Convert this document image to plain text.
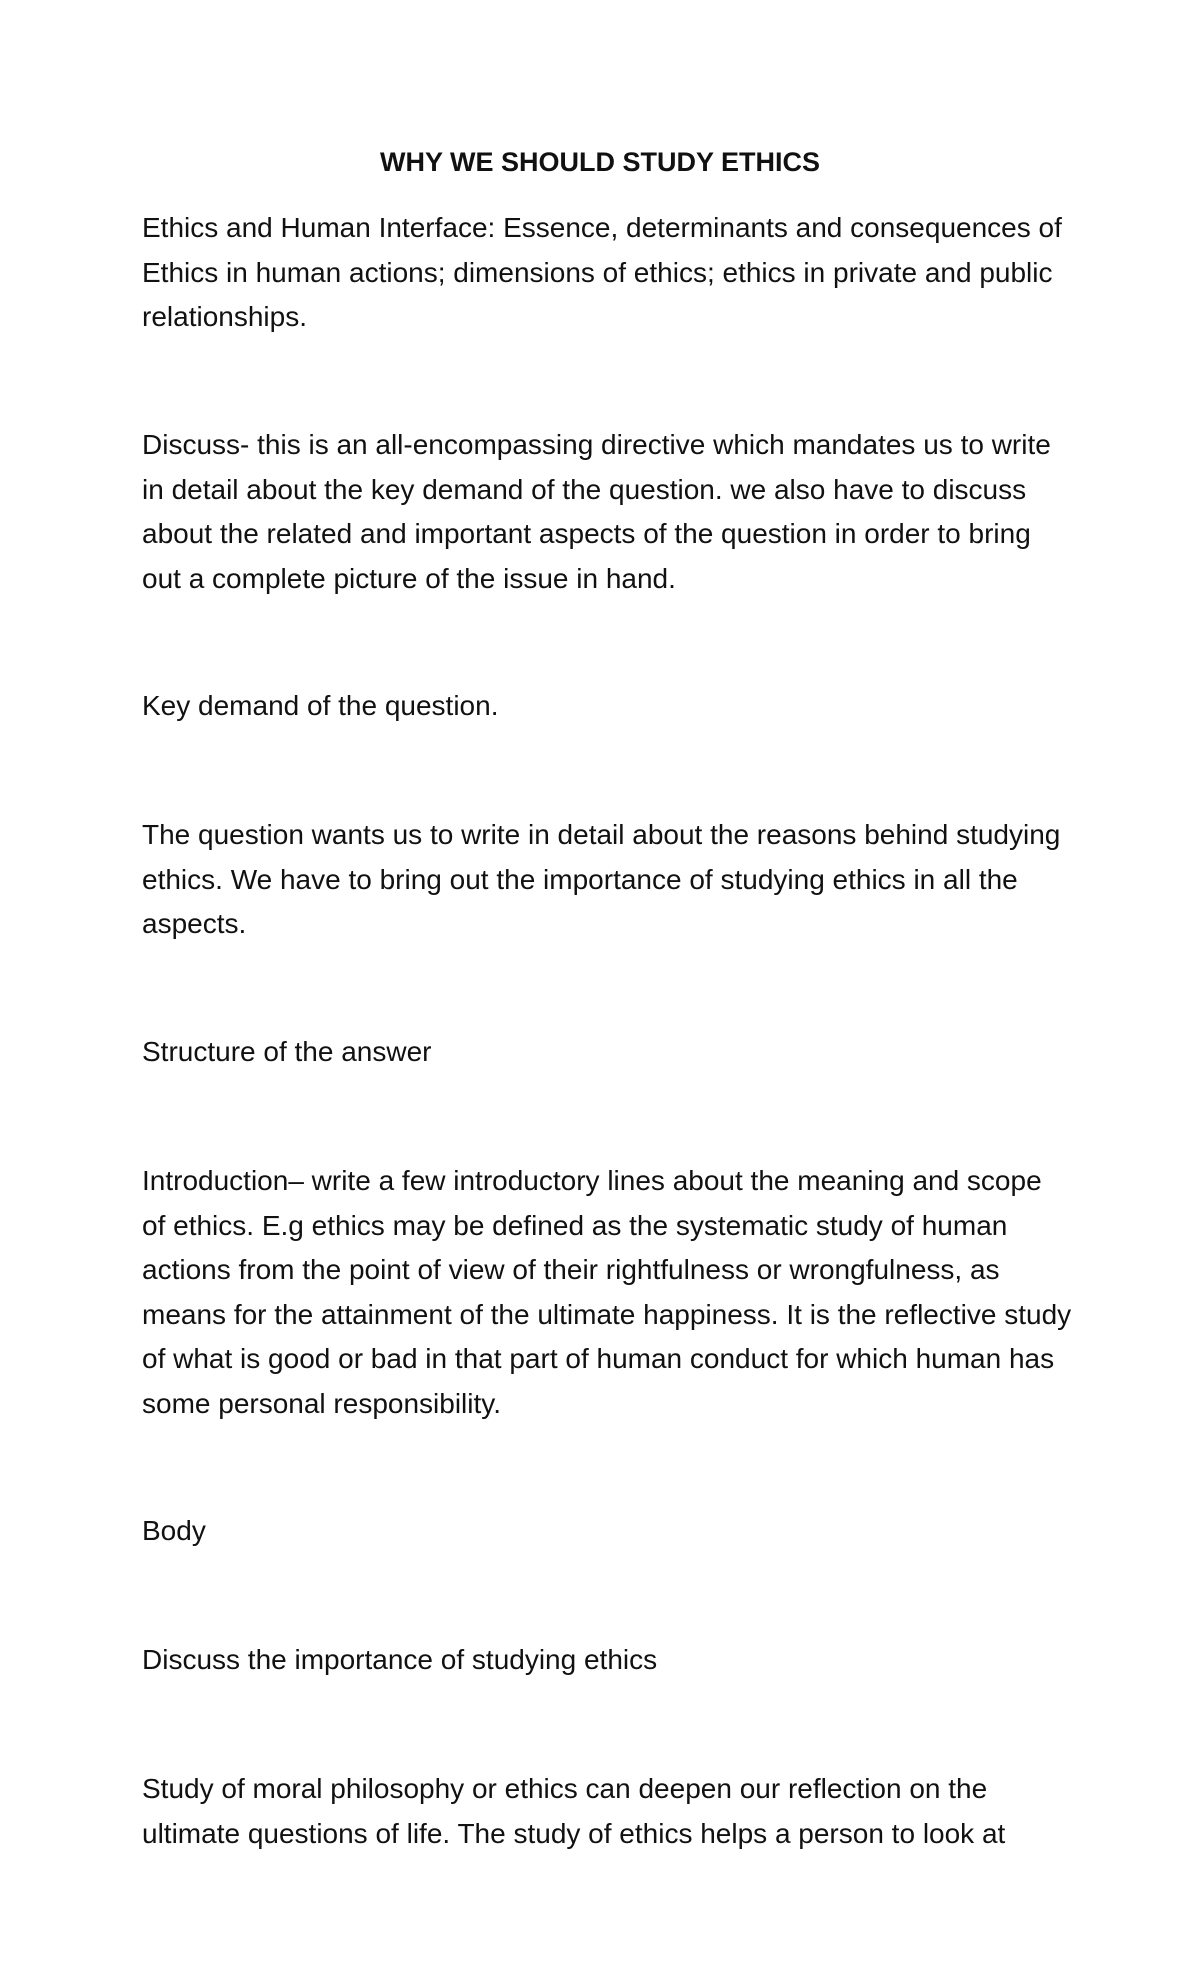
WHY WE SHOULD STUDY ETHICS

Ethics and Human Interface: Essence, determinants and consequences of Ethics in human actions; dimensions of ethics; ethics in private and public relationships.

Discuss- this is an all-encompassing directive which mandates us to write in detail about the key demand of the question. we also have to discuss about the related and important aspects of the question in order to bring out a complete picture of the issue in hand.

Key demand of the question.

The question wants us to write in detail about the reasons behind studying ethics. We have to bring out the importance of studying ethics in all the aspects.

Structure of the answer

Introduction– write a few introductory lines about the meaning and scope of ethics. E.g ethics may be defined as the systematic study of human actions from the point of view of their rightfulness or wrongfulness, as means for the attainment of the ultimate happiness. It is the reflective study of what is good or bad in that part of human conduct for which human has some personal responsibility.

Body

Discuss the importance of studying ethics

Study of moral philosophy or ethics can deepen our reflection on the ultimate questions of life. The study of ethics helps a person to look at
